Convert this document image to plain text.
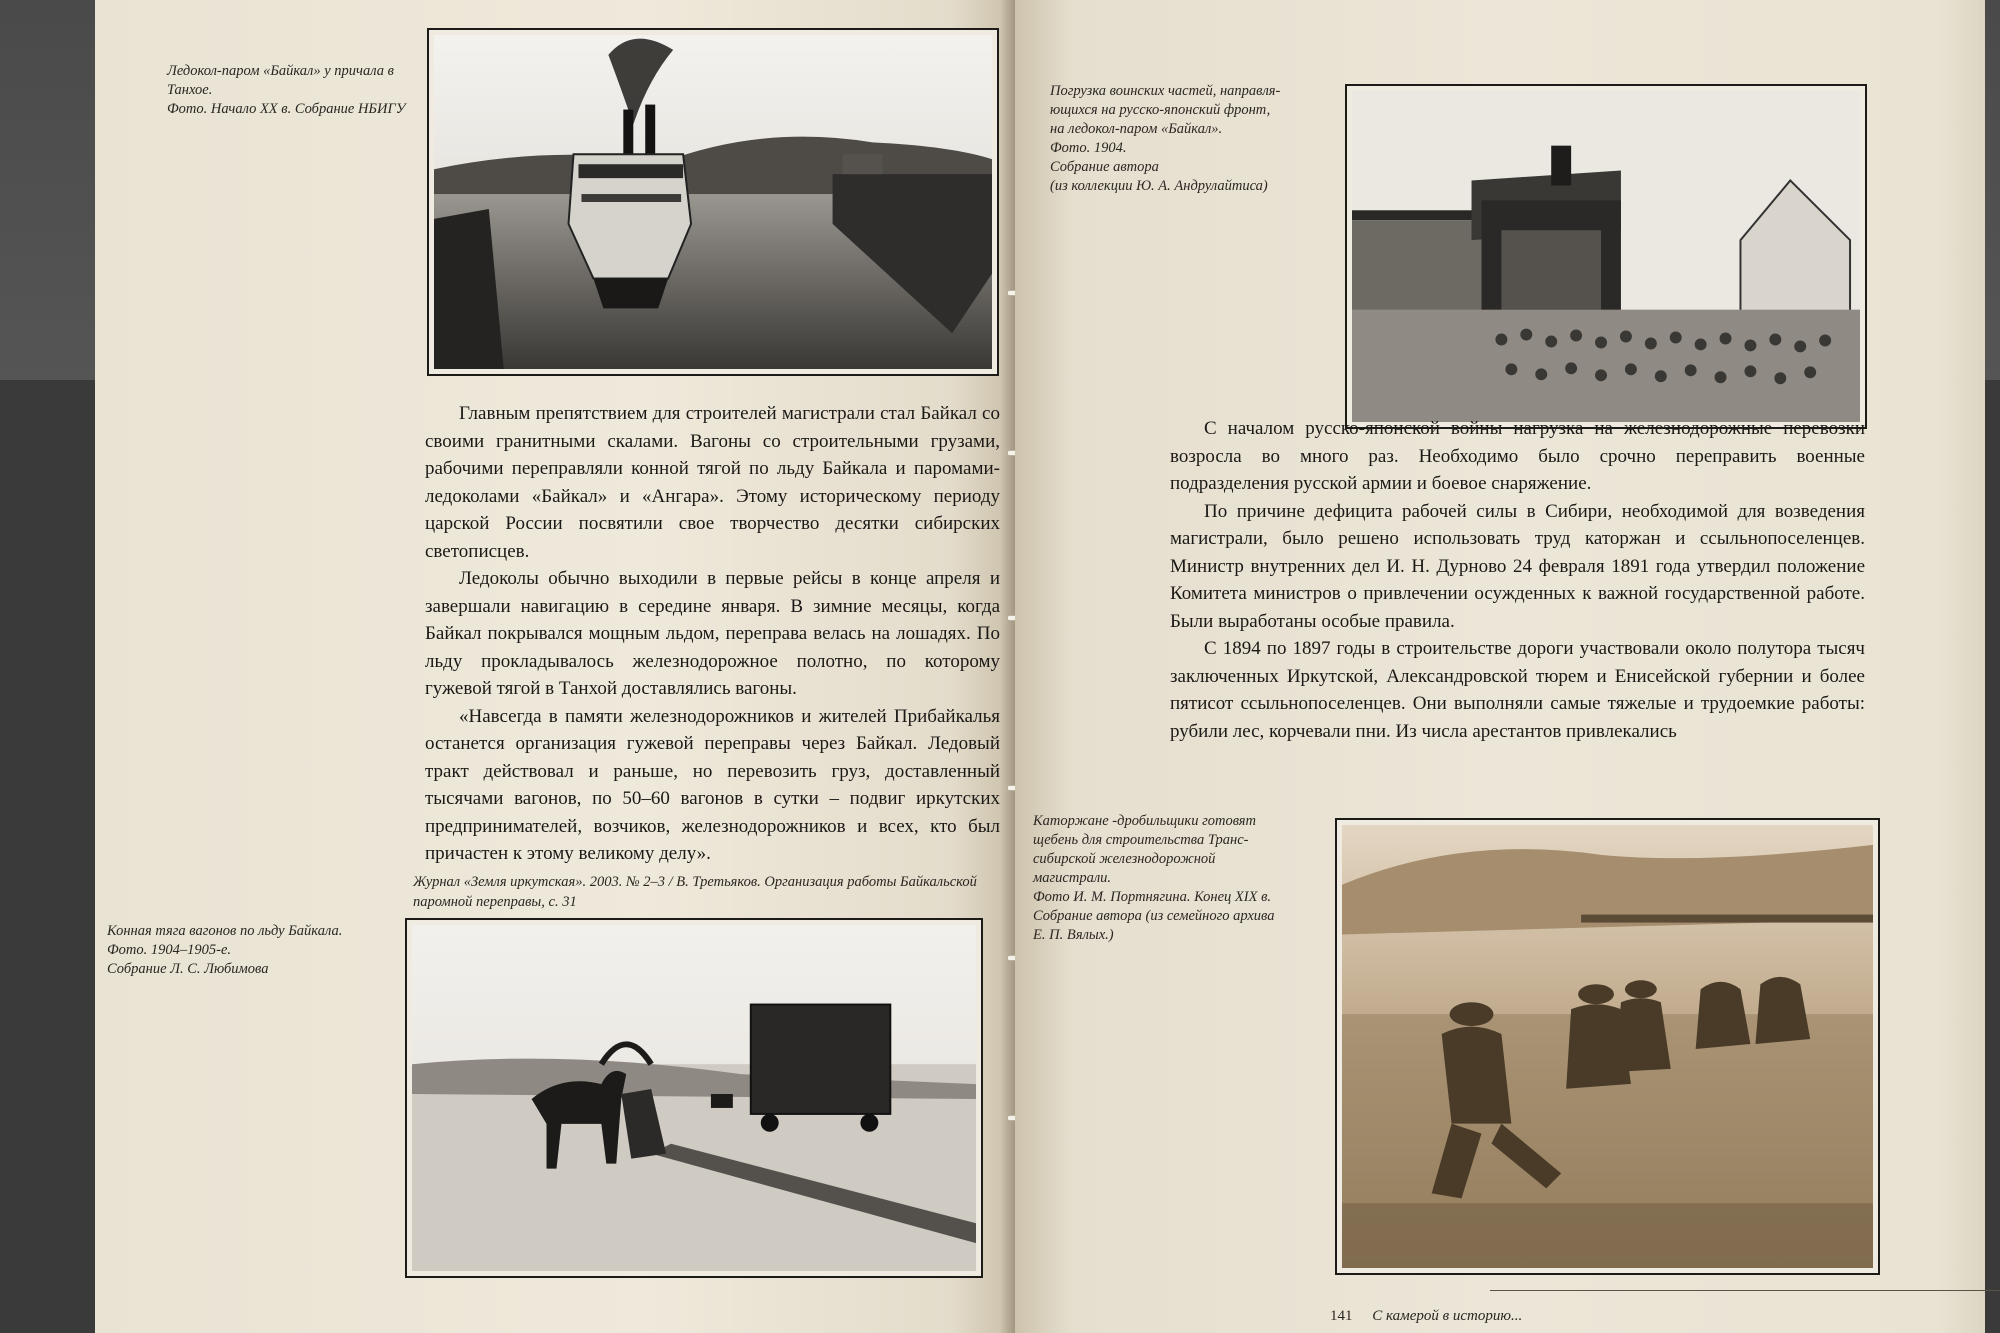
Ледокол-паром «Байкал» у причала в
Танхое.
Фото. Начало XX в. Собрание НБИГУ

Главным препятствием для строителей магистрали стал Байкал со своими гранитными скалами. Вагоны со строительными грузами, рабочими переправляли конной тягой по льду Байкала и паромами-ледоколами «Байкал» и «Ангара». Этому историческому периоду царской России посвятили свое творчество десятки сибирских светописцев.

Ледоколы обычно выходили в первые рейсы в конце апреля и завершали навигацию в середине января. В зимние месяцы, когда Байкал покрывался мощным льдом, переправа велась на лошадях. По льду прокладывалось железнодорожное полотно, по которому гужевой тягой в Танхой доставлялись вагоны.

«Навсегда в памяти железнодорожников и жителей Прибайкалья останется организация гужевой переправы через Байкал. Ледовый тракт действовал и раньше, но перевозить груз, доставленный тысячами вагонов, по 50–60 вагонов в сутки – подвиг иркутских предпринимателей, возчиков, железнодорожников и всех, кто был причастен к этому великому делу».

Журнал «Земля иркутская». 2003. № 2–3 / В. Третьяков. Организация работы Байкальской паромной переправы, с. 31
Конная тяга вагонов по льду Байкала.
Фото. 1904–1905-е.
Собрание Л. С. Любимова
Погрузка воинских частей, направля-
ющихся на русско-японский фронт,
на ледокол-паром «Байкал».
Фото. 1904.
Собрание автора
(из коллекции Ю. А. Андрулайтиса)

С началом русско-японской войны нагрузка на железнодорожные перевозки возросла во много раз. Необходимо было срочно переправить военные подразделения русской армии и боевое снаряжение.

По причине дефицита рабочей силы в Сибири, необходимой для возведения магистрали, было решено использовать труд каторжан и ссыльнопоселенцев. Министр внутренних дел И. Н. Дурново 24 февраля 1891 года утвердил положение Комитета министров о привлечении осужденных к важной государственной работе. Были выработаны особые правила.

С 1894 по 1897 годы в строительстве дороги участвовали около полутора тысяч заключенных Иркутской, Александровской тюрем и Енисейской губернии и более пятисот ссыльнопоселенцев. Они выполняли самые тяжелые и трудоемкие работы: рубили лес, корчевали пни. Из числа арестантов привлекались

Каторжане -дробильщики готовят
щебень для строительства Транс-
сибирской железнодорожной
магистрали.
Фото И. М. Портнягина. Конец XIX в.
Собрание автора (из семейного архива
Е. П. Вялых.)
141 С камерой в историю...
